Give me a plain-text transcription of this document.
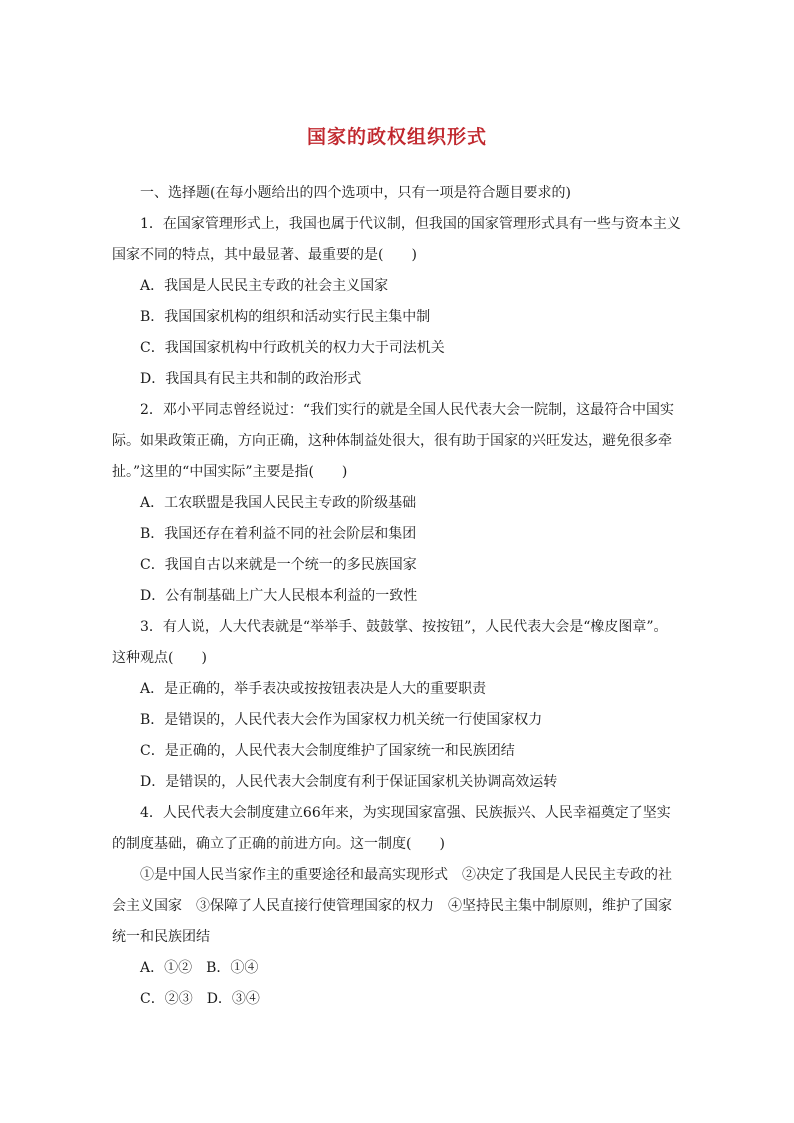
国家的政权组织形式
一、选择题(在每小题给出的四个选项中，只有一项是符合题目要求的)
1．在国家管理形式上，我国也属于代议制，但我国的国家管理形式具有一些与资本主义
国家不同的特点，其中最显著、最重要的是(　　)
A．我国是人民民主专政的社会主义国家
B．我国国家机构的组织和活动实行民主集中制
C．我国国家机构中行政机关的权力大于司法机关
D．我国具有民主共和制的政治形式
2．邓小平同志曾经说过：“我们实行的就是全国人民代表大会一院制，这最符合中国实
际。如果政策正确，方向正确，这种体制益处很大，很有助于国家的兴旺发达，避免很多牵
扯。”这里的“中国实际”主要是指(　　)
A．工农联盟是我国人民民主专政的阶级基础
B．我国还存在着利益不同的社会阶层和集团
C．我国自古以来就是一个统一的多民族国家
D．公有制基础上广大人民根本利益的一致性
3．有人说，人大代表就是“举举手、鼓鼓掌、按按钮”，人民代表大会是“橡皮图章”。
这种观点(　　)
A．是正确的，举手表决或按按钮表决是人大的重要职责
B．是错误的，人民代表大会作为国家权力机关统一行使国家权力
C．是正确的，人民代表大会制度维护了国家统一和民族团结
D．是错误的，人民代表大会制度有利于保证国家机关协调高效运转
4．人民代表大会制度建立66年来，为实现国家富强、民族振兴、人民幸福奠定了坚实
的制度基础，确立了正确的前进方向。这一制度(　　)
①是中国人民当家作主的重要途径和最高实现形式　②决定了我国是人民民主专政的社
会主义国家　③保障了人民直接行使管理国家的权力　④坚持民主集中制原则，维护了国家
统一和民族团结
A．①②　B．①④
C．②③　D．③④
